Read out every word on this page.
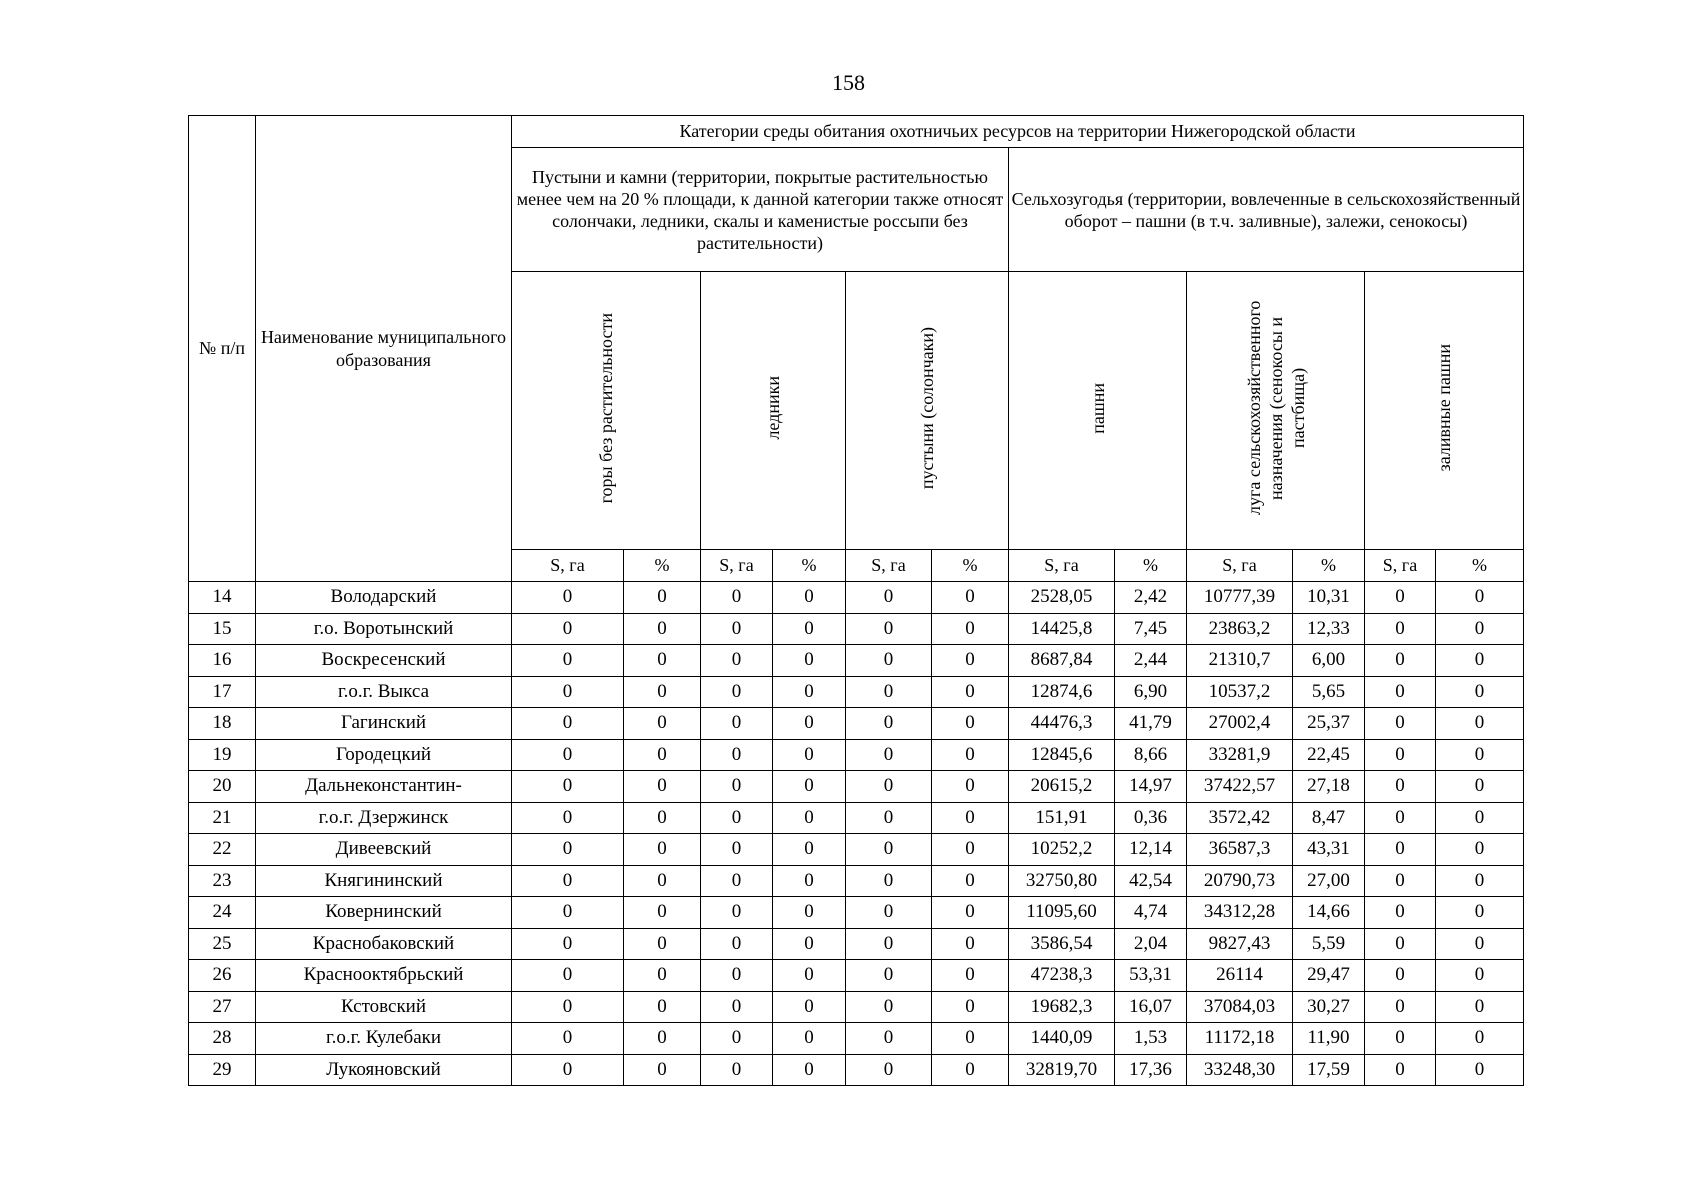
158
№ п/п	Наименование муниципального образования	Категории среды обитания охотничьих ресурсов на территории Нижегородской области											
		Пустыни и камни (территории, покрытые растительностью менее чем на 20 % площади, к данной категории также относят солончаки, ледники, скалы и каменистые россыпи без растительности)						Сельхозугодья (территории, вовлеченные в сельскохозяйственный оборот – пашни (в т.ч. заливные), залежи, сенокосы)					
		горы без растительности		ледники		пустыни (солончаки)		пашни		луга сельскохозяйственного назначения (сенокосы и пастбища)		заливные пашни	
		S, га	%	S, га	%	S, га	%	S, га	%	S, га	%	S, га	%
14	Володарский	0	0	0	0	0	0	2528,05	2,42	10777,39	10,31	0	0
15	г.о. Воротынский	0	0	0	0	0	0	14425,8	7,45	23863,2	12,33	0	0
16	Воскресенский	0	0	0	0	0	0	8687,84	2,44	21310,7	6,00	0	0
17	г.о.г. Выкса	0	0	0	0	0	0	12874,6	6,90	10537,2	5,65	0	0
18	Гагинский	0	0	0	0	0	0	44476,3	41,79	27002,4	25,37	0	0
19	Городецкий	0	0	0	0	0	0	12845,6	8,66	33281,9	22,45	0	0
20	Дальнеконстантин-	0	0	0	0	0	0	20615,2	14,97	37422,57	27,18	0	0
21	г.о.г. Дзержинск	0	0	0	0	0	0	151,91	0,36	3572,42	8,47	0	0
22	Дивеевский	0	0	0	0	0	0	10252,2	12,14	36587,3	43,31	0	0
23	Княгининский	0	0	0	0	0	0	32750,80	42,54	20790,73	27,00	0	0
24	Ковернинский	0	0	0	0	0	0	11095,60	4,74	34312,28	14,66	0	0
25	Краснобаковский	0	0	0	0	0	0	3586,54	2,04	9827,43	5,59	0	0
26	Краснооктябрьский	0	0	0	0	0	0	47238,3	53,31	26114	29,47	0	0
27	Кстовский	0	0	0	0	0	0	19682,3	16,07	37084,03	30,27	0	0
28	г.о.г. Кулебаки	0	0	0	0	0	0	1440,09	1,53	11172,18	11,90	0	0
29	Лукояновский	0	0	0	0	0	0	32819,70	17,36	33248,30	17,59	0	0
